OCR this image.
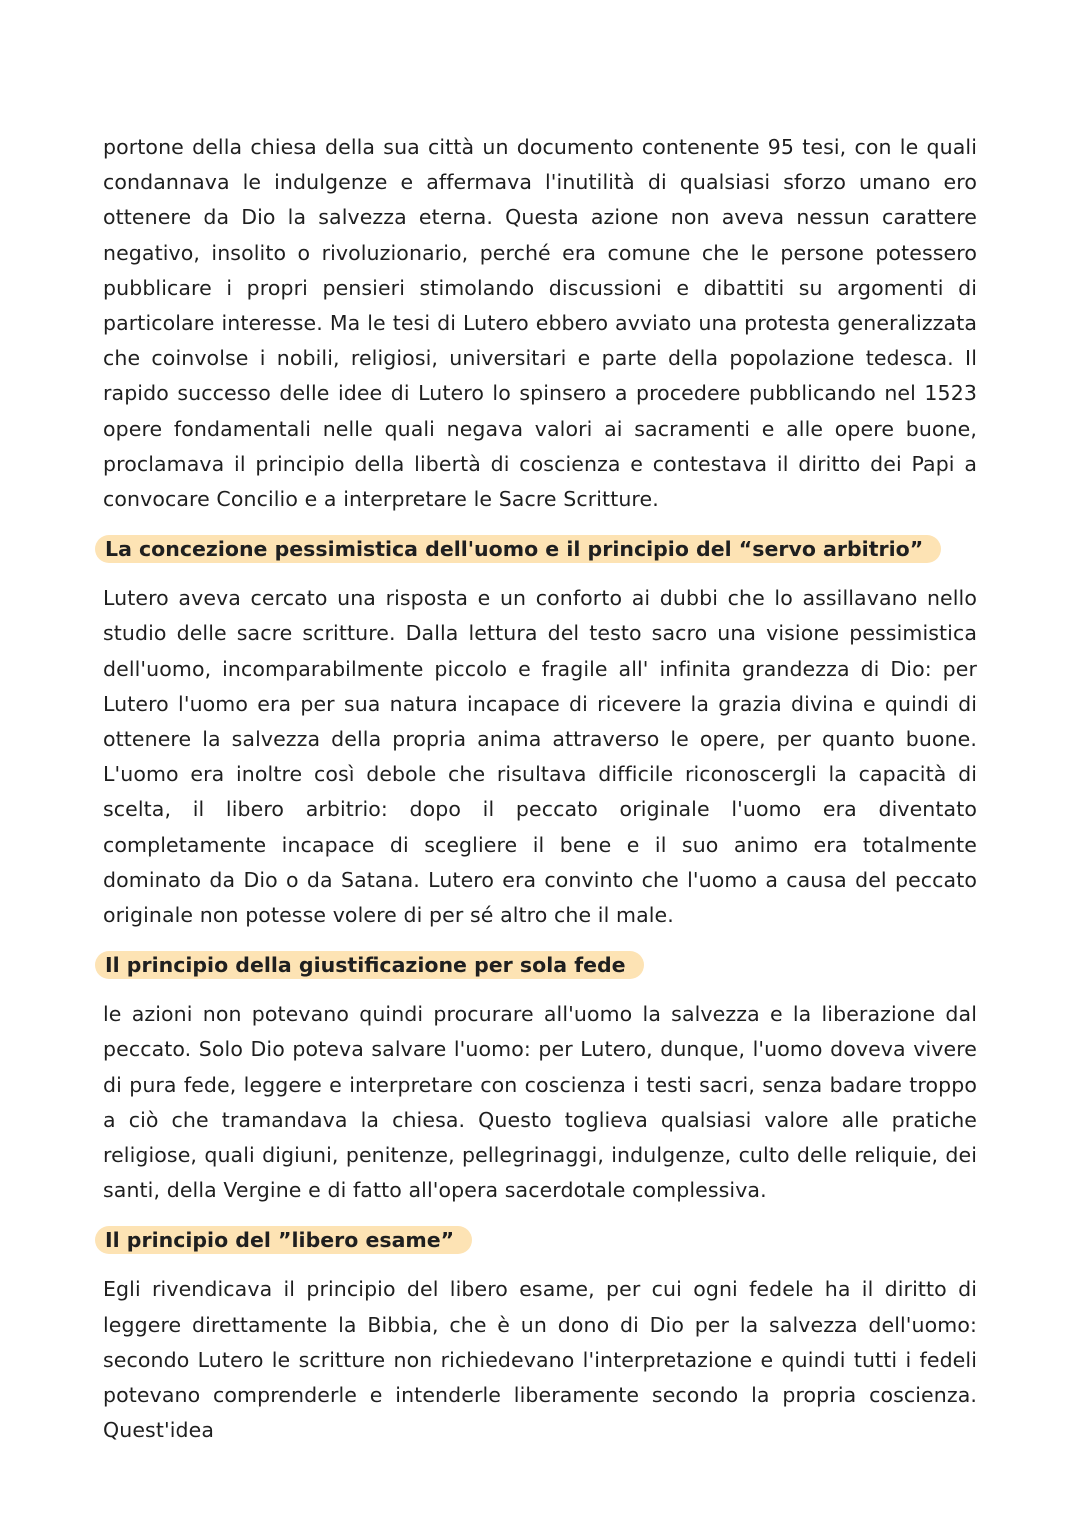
portone della chiesa della sua città un documento contenente 95 tesi, con le quali condannava le indulgenze e affermava l'inutilità di qualsiasi sforzo umano ero ottenere da Dio la salvezza eterna. Questa azione non aveva nessun carattere negativo, insolito o rivoluzionario, perché era comune che le persone potessero pubblicare i propri pensieri stimolando discussioni e dibattiti su argomenti di particolare interesse. Ma le tesi di Lutero ebbero avviato una protesta generalizzata che coinvolse i nobili, religiosi, universitari e parte della popolazione tedesca. Il rapido successo delle idee di Lutero lo spinsero a procedere pubblicando nel 1523 opere fondamentali nelle quali negava valori ai sacramenti e alle opere buone, proclamava il principio della libertà di coscienza e contestava il diritto dei Papi a convocare Concilio e a interpretare le Sacre Scritture.

La concezione pessimistica dell'uomo e il principio del “servo arbitrio”

Lutero aveva cercato una risposta e un conforto ai dubbi che lo assillavano nello studio delle sacre scritture. Dalla lettura del testo sacro una visione pessimistica dell'uomo, incomparabilmente piccolo e fragile all' infinita grandezza di Dio: per Lutero l'uomo era per sua natura incapace di ricevere la grazia divina e quindi di ottenere la salvezza della propria anima attraverso le opere, per quanto buone. L'uomo era inoltre così debole che risultava difficile riconoscergli la capacità di scelta, il libero arbitrio: dopo il peccato originale l'uomo era diventato completamente incapace di scegliere il bene e il suo animo era totalmente dominato da Dio o da Satana. Lutero era convinto che l'uomo a causa del peccato originale non potesse volere di per sé altro che il male.

Il principio della giustificazione per sola fede

le azioni non potevano quindi procurare all'uomo la salvezza e la liberazione dal peccato. Solo Dio poteva salvare l'uomo: per Lutero, dunque, l'uomo doveva vivere di pura fede, leggere e interpretare con coscienza i testi sacri, senza badare troppo a ciò che tramandava la chiesa. Questo toglieva qualsiasi valore alle pratiche religiose, quali digiuni, penitenze, pellegrinaggi, indulgenze, culto delle reliquie, dei santi, della Vergine e di fatto all'opera sacerdotale complessiva.

Il principio del ”libero esame”

Egli rivendicava il principio del libero esame, per cui ogni fedele ha il diritto di leggere direttamente la Bibbia, che è un dono di Dio per la salvezza dell'uomo: secondo Lutero le scritture non richiedevano l'interpretazione e quindi tutti i fedeli potevano comprenderle e intenderle liberamente secondo la propria coscienza. Quest'idea
